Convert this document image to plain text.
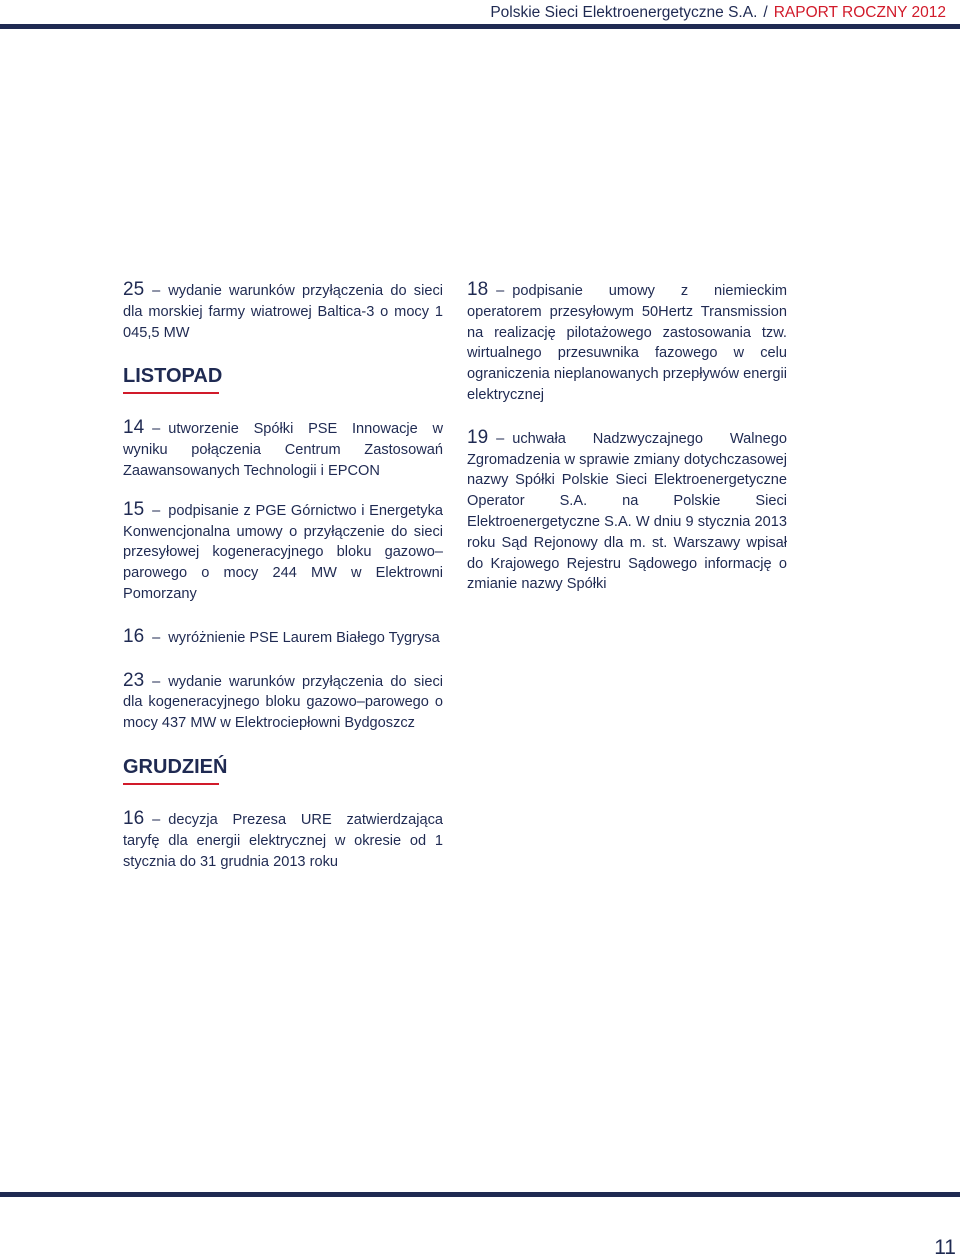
Polskie Sieci Elektroenergetyczne S.A. / RAPORT ROCZNY 2012

25 – wydanie warunków przyłączenia do sieci dla morskiej farmy wiatrowej Baltica-3 o mocy 1 045,5 MW

LISTOPAD

14 – utworzenie Spółki PSE Innowacje w wyniku połączenia Centrum Zastosowań Zaawansowanych Technologii i EPCON

15 – podpisanie z PGE Górnictwo i Energetyka Konwencjonalna umowy o przyłączenie do sieci przesyłowej kogeneracyjnego bloku gazowo–parowego o mocy 244 MW w Elektrowni Pomorzany

16 – wyróżnienie PSE Laurem Białego Tygrysa

23 – wydanie warunków przyłączenia do sieci dla kogeneracyjnego bloku gazowo–parowego o mocy 437 MW w Elektrociepłowni Bydgoszcz

GRUDZIEŃ

16 – decyzja Prezesa URE zatwierdzająca taryfę dla energii elektrycznej w okresie od 1 stycznia do 31 grudnia 2013 roku

18 – podpisanie umowy z niemieckim operatorem przesyłowym 50Hertz Transmission na realizację pilotażowego zastosowania tzw. wirtualnego przesuwnika fazowego w celu ograniczenia nieplanowanych przepływów energii elektrycznej

19 – uchwała Nadzwyczajnego Walnego Zgromadzenia w sprawie zmiany dotychczasowej nazwy Spółki Polskie Sieci Elektroenergetyczne Operator S.A. na Polskie Sieci Elektroenergetyczne S.A. W dniu 9 stycznia 2013 roku Sąd Rejonowy dla m. st. Warszawy wpisał do Krajowego Rejestru Sądowego informację o zmianie nazwy Spółki

11
